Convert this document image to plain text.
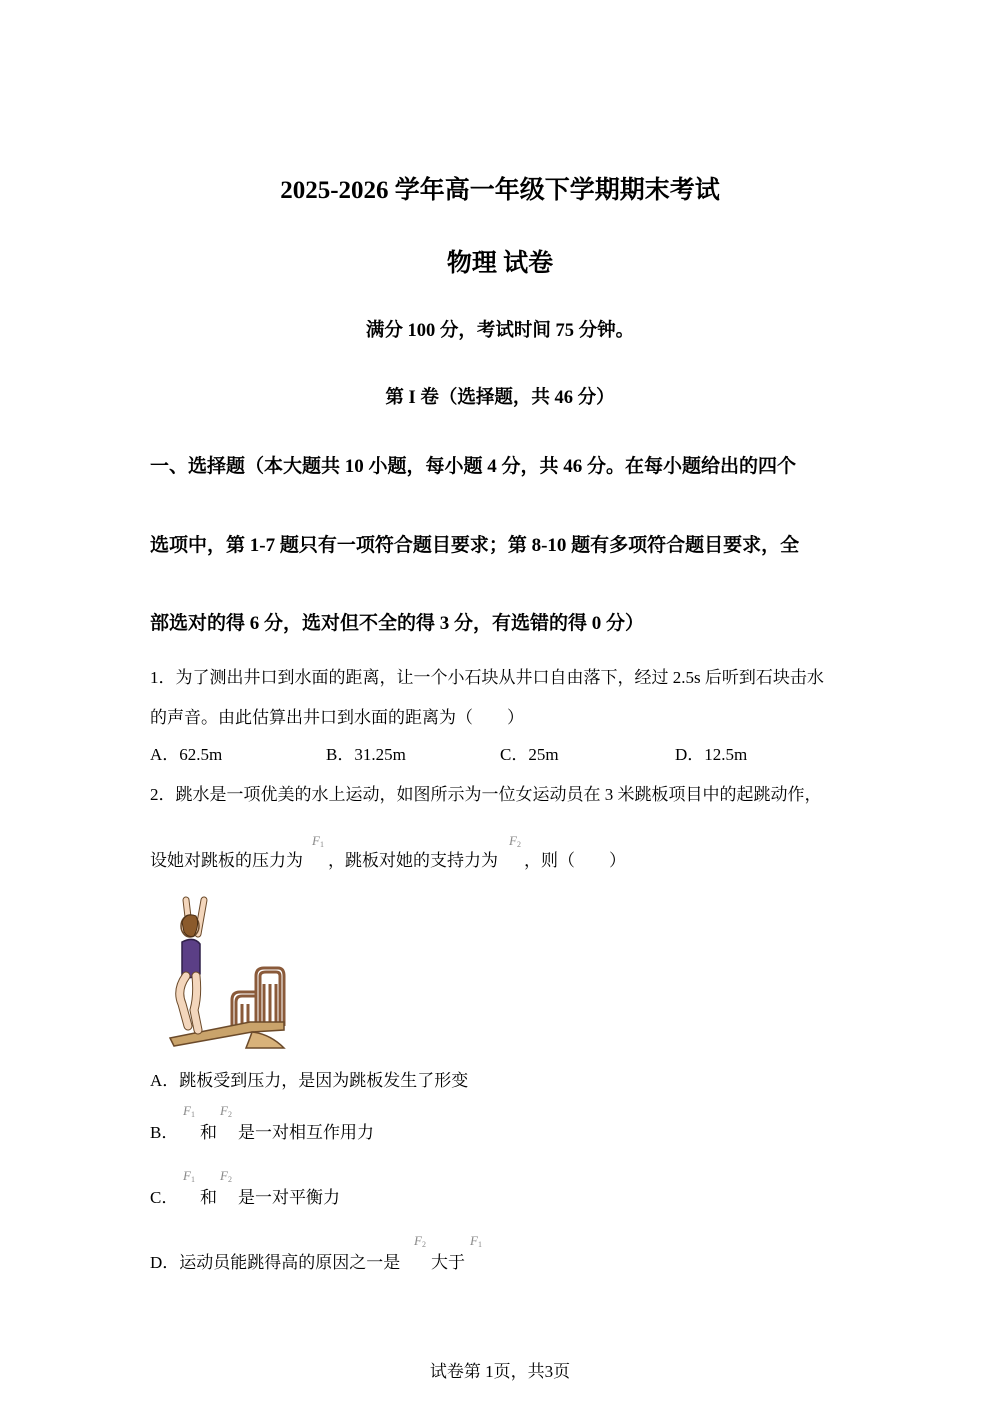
2025-2026 学年高一年级下学期期末考试
物理 试卷
满分 100 分，考试时间 75 分钟。
第 I 卷（选择题，共 46 分）
一、选择题（本大题共 10 小题，每小题 4 分，共 46 分。在每小题给出的四个
选项中，第 1-7 题只有一项符合题目要求；第 8-10 题有多项符合题目要求，全
部选对的得 6 分，选对但不全的得 3 分，有选错的得 0 分）
1．为了测出井口到水面的距离，让一个小石块从井口自由落下，经过 2.5s 后听到石块击水
的声音。由此估算出井口到水面的距离为（　　）
A．62.5m	B．31.25m	C．25m	D．12.5m
2．跳水是一项优美的水上运动，如图所示为一位女运动员在 3 米跳板项目中的起跳动作，
设她对跳板的压力为
$F_1$
，跳板对她的支持力为
$F_2$
，则（　　）
A．跳板受到压力，是因为跳板发生了形变
B．
$F_1$
和
$F_2$
是一对相互作用力
C．
$F_1$
和
$F_2$
是一对平衡力
D．运动员能跳得高的原因之一是
$F_2$
大于
$F_1$
试卷第 1页，共3页
